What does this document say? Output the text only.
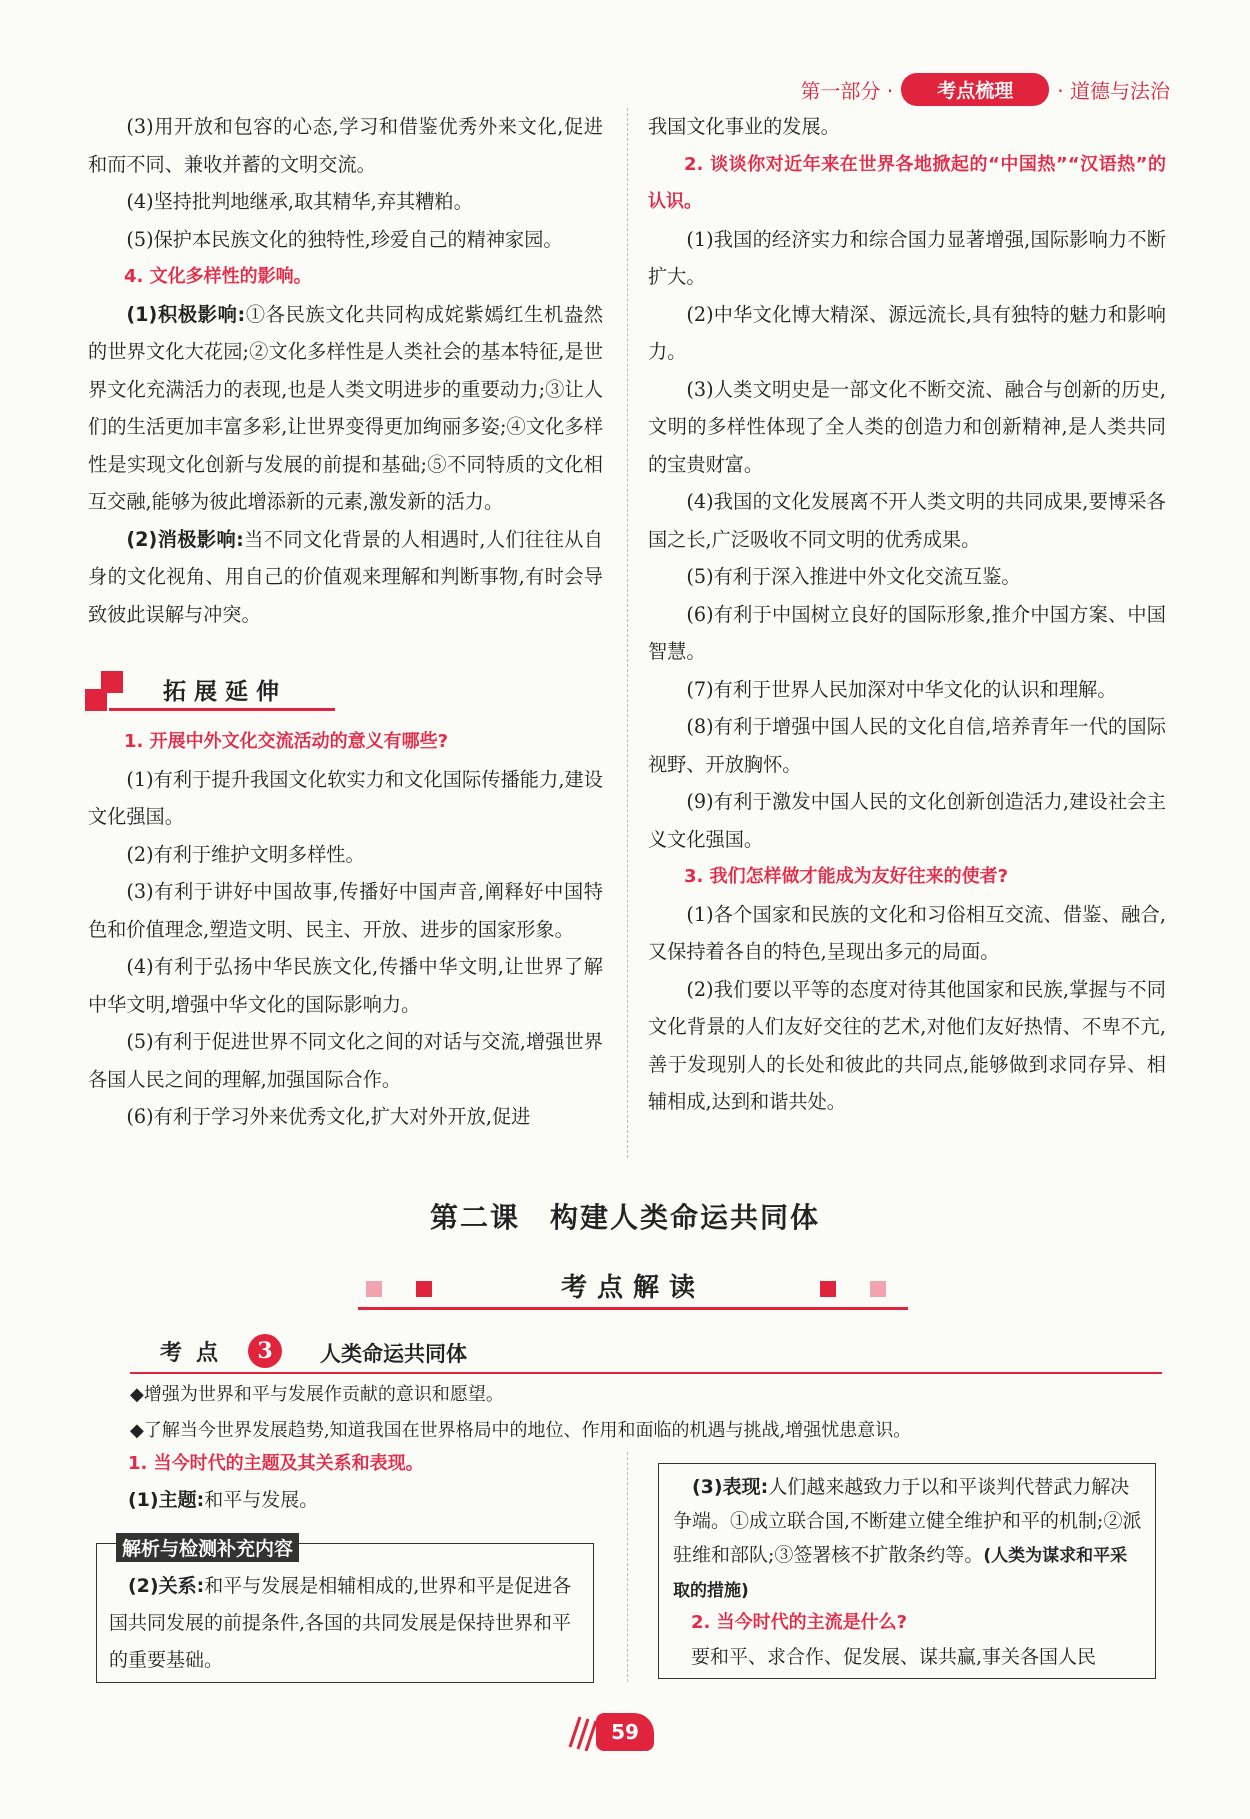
第一部分 ·	考点梳理	· 道德与法治

(3)用开放和包容的心态,学习和借鉴优秀外来文化,促进和而不同、兼收并蓄的文明交流。

(4)坚持批判地继承,取其精华,弃其糟粕。

(5)保护本民族文化的独特性,珍爱自己的精神家园。

4. 文化多样性的影响。

(1)积极影响:①各民族文化共同构成姹紫嫣红生机盎然的世界文化大花园;②文化多样性是人类社会的基本特征,是世界文化充满活力的表现,也是人类文明进步的重要动力;③让人们的生活更加丰富多彩,让世界变得更加绚丽多姿;④文化多样性是实现文化创新与发展的前提和基础;⑤不同特质的文化相互交融,能够为彼此增添新的元素,激发新的活力。

(2)消极影响:当不同文化背景的人相遇时,人们往往从自身的文化视角、用自己的价值观来理解和判断事物,有时会导致彼此误解与冲突。

拓展延伸

1. 开展中外文化交流活动的意义有哪些?

(1)有利于提升我国文化软实力和文化国际传播能力,建设文化强国。

(2)有利于维护文明多样性。

(3)有利于讲好中国故事,传播好中国声音,阐释好中国特色和价值理念,塑造文明、民主、开放、进步的国家形象。

(4)有利于弘扬中华民族文化,传播中华文明,让世界了解中华文明,增强中华文化的国际影响力。

(5)有利于促进世界不同文化之间的对话与交流,增强世界各国人民之间的理解,加强国际合作。

(6)有利于学习外来优秀文化,扩大对外开放,促进

我国文化事业的发展。

2. 谈谈你对近年来在世界各地掀起的“中国热”“汉语热”的认识。

(1)我国的经济实力和综合国力显著增强,国际影响力不断扩大。

(2)中华文化博大精深、源远流长,具有独特的魅力和影响力。

(3)人类文明史是一部文化不断交流、融合与创新的历史,文明的多样性体现了全人类的创造力和创新精神,是人类共同的宝贵财富。

(4)我国的文化发展离不开人类文明的共同成果,要博采各国之长,广泛吸收不同文明的优秀成果。

(5)有利于深入推进中外文化交流互鉴。

(6)有利于中国树立良好的国际形象,推介中国方案、中国智慧。

(7)有利于世界人民加深对中华文化的认识和理解。

(8)有利于增强中国人民的文化自信,培养青年一代的国际视野、开放胸怀。

(9)有利于激发中国人民的文化创新创造活力,建设社会主义文化强国。

3. 我们怎样做才能成为友好往来的使者?

(1)各个国家和民族的文化和习俗相互交流、借鉴、融合,又保持着各自的特色,呈现出多元的局面。

(2)我们要以平等的态度对待其他国家和民族,掌握与不同文化背景的人们友好交往的艺术,对他们友好热情、不卑不亢,善于发现别人的长处和彼此的共同点,能够做到求同存异、相辅相成,达到和谐共处。

第二课　构建人类命运共同体
考点解读
考点	3	人类命运共同体
◆增强为世界和平与发展作贡献的意识和愿望。
◆了解当今世界发展趋势,知道我国在世界格局中的地位、作用和面临的机遇与挑战,增强忧患意识。

1. 当今时代的主题及其关系和表现。

(1)主题:和平与发展。

(2)关系:和平与发展是相辅相成的,世界和平是促进各国共同发展的前提条件,各国的共同发展是保持世界和平的重要基础。
解析与检测补充内容
(3)表现:人们越来越致力于以和平谈判代替武力解决争端。①成立联合国,不断建立健全维护和平的机制;②派驻维和部队;③签署核不扩散条约等。(人类为谋求和平采取的措施)
2. 当今时代的主流是什么?
要和平、求合作、促发展、谋共赢,事关各国人民
59
